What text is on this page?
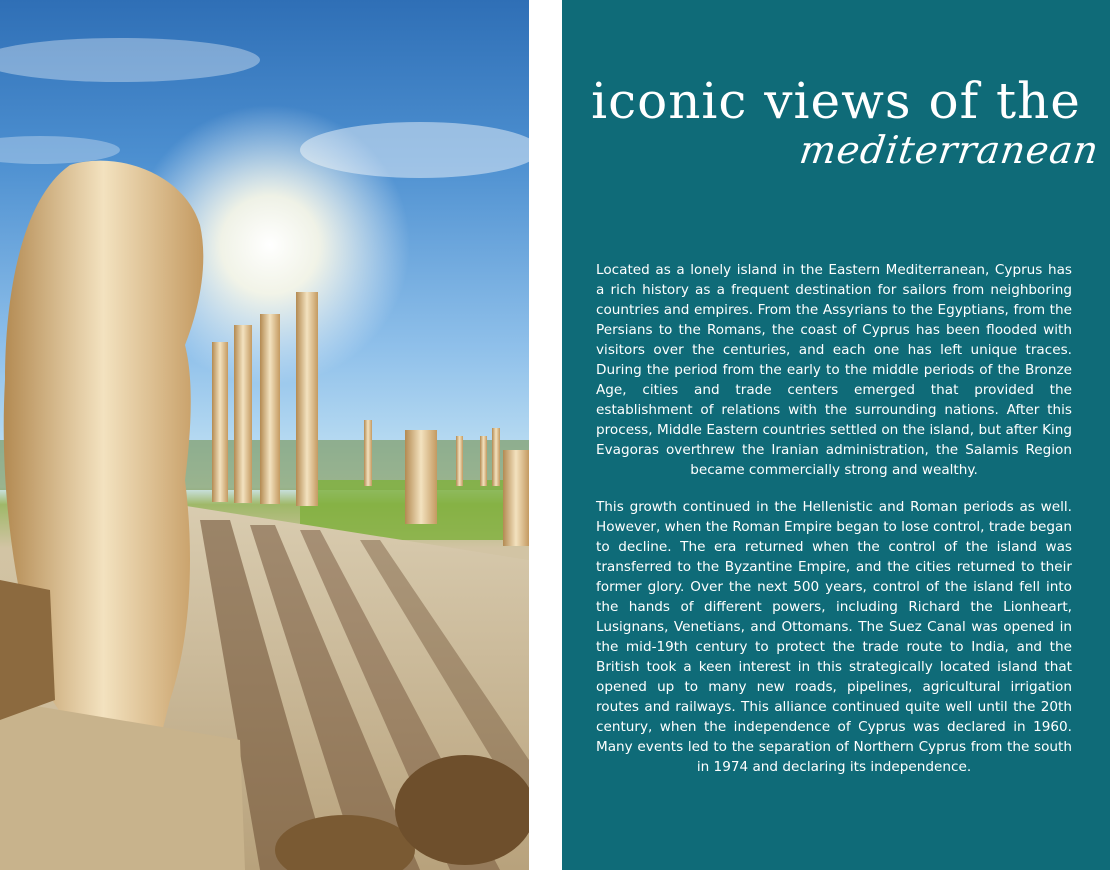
iconic views of the
mediterranean

Located as a lonely island in the Eastern Mediterranean, Cyprus has a rich history as a frequent destination for sailors from neighboring countries and empires. From the Assyrians to the Egyptians, from the Persians to the Romans, the coast of Cyprus has been flooded with visitors over the centuries, and each one has left unique traces. During the period from the early to the middle periods of the Bronze Age, cities and trade centers emerged that provided the establishment of relations with the surrounding nations. After this process, Middle Eastern countries settled on the island, but after King Evagoras overthrew the Iranian administration, the Salamis Region became commercially strong and wealthy.

This growth continued in the Hellenistic and Roman periods as well. However, when the Roman Empire began to lose control, trade began to decline. The era returned when the control of the island was transferred to the Byzantine Empire, and the cities returned to their former glory. Over the next 500 years, control of the island fell into the hands of different powers, including Richard the Lionheart, Lusignans, Venetians, and Ottomans. The Suez Canal was opened in the mid-19th century to protect the trade route to India, and the British took a keen interest in this strategically located island that opened up to many new roads, pipelines, agricultural irrigation routes and railways. This alliance continued quite well until the 20th century, when the independence of Cyprus was declared in 1960. Many events led to the separation of Northern Cyprus from the south in 1974 and declaring its independence.
